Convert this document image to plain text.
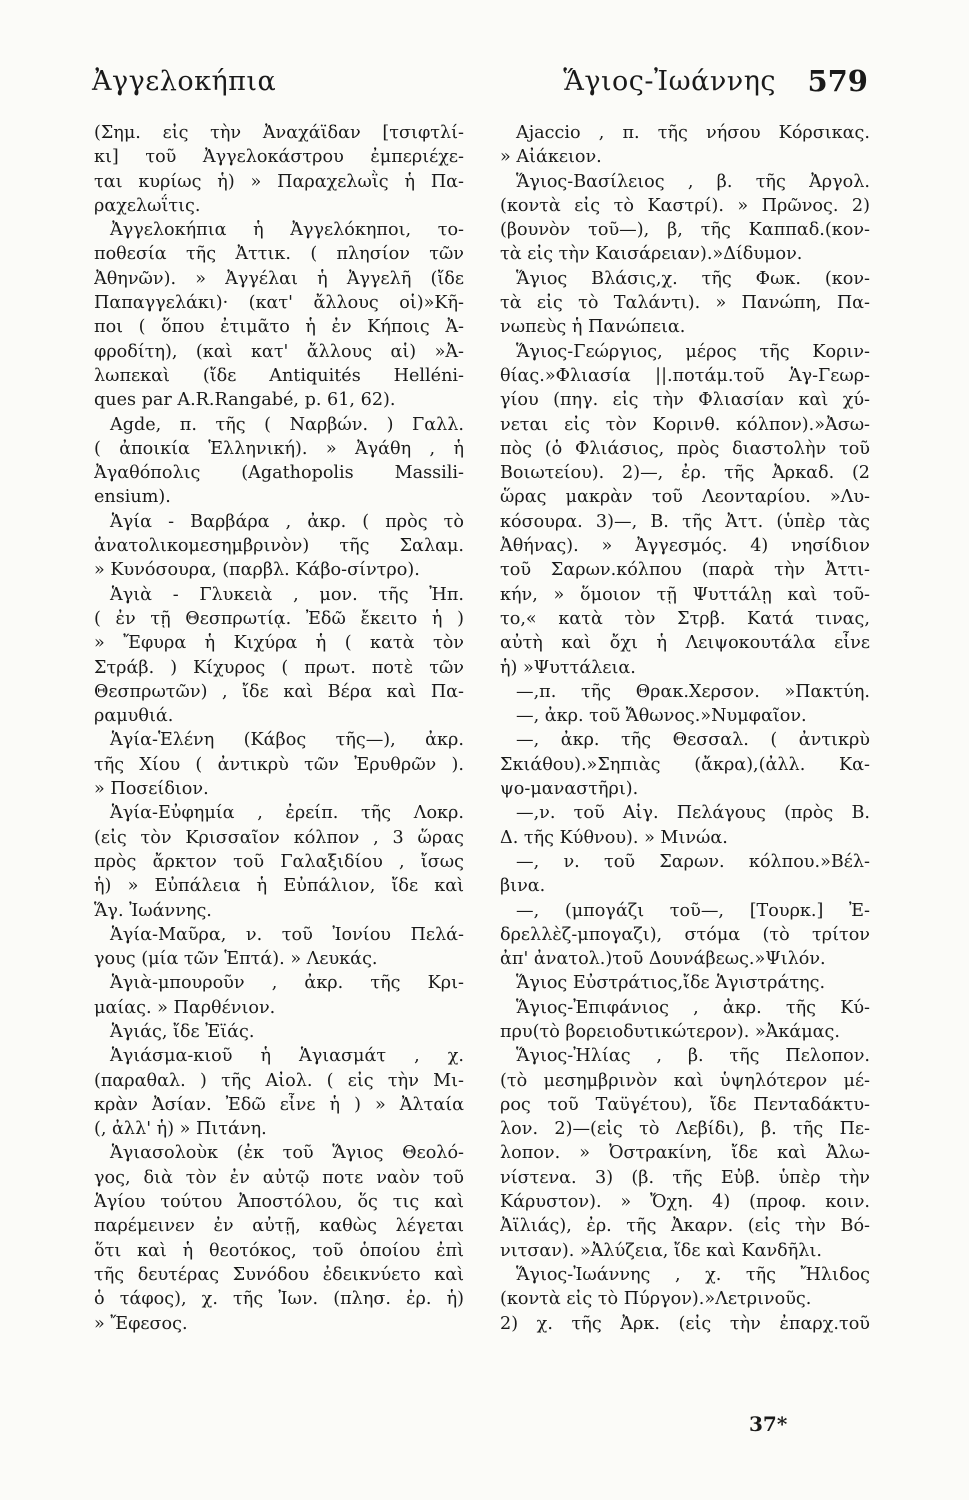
Ἀγγελοκήπια	Ἅγιος-Ἰωάννης 579
(Σημ. εἰς τὴν Ἀναχάϊδαν [τσιφτλί-
κι] τοῦ Ἀγγελοκάστρου ἐμπεριέχε-
ται κυρίως ἡ) » Παραχελωῒς ἡ Πα-
ραχελωΐτις.
Ἀγγελοκήπια ἡ Ἀγγελόκηποι, το-
ποθεσία τῆς Ἀττικ. ( πλησίον τῶν
Ἀθηνῶν). » Ἀγγέλαι ἡ Ἀγγελῆ (ἴδε
Παπαγγελάκι)· (κατ' ἄλλους οἱ)»Κῆ-
ποι ( ὅπου ἐτιμᾶτο ἡ ἐν Κήποις Ἀ-
φροδίτη), (καὶ κατ' ἄλλους αἱ) »Ἀ-
λωπεκαὶ (ἴδε Antiquités Helléni-
ques par A.R.Rangabé, p. 61, 62).
Agde, π. τῆς ( Ναρβών. ) Γαλλ.
( ἀποικία Ἑλληνική). » Ἀγάθη , ἡ
Ἀγαθόπολις (Agathopolis Massili-
ensium).
Ἁγία - Βαρβάρα , ἀκρ. ( πρὸς τὸ
ἀνατολικομεσημβρινὸν) τῆς Σαλαμ.
» Κυνόσουρα, (παρβλ. Κάβο-σίντρο).
Ἁγιὰ - Γλυκειὰ , μον. τῆς Ἠπ.
( ἐν τῇ Θεσπρωτίᾳ. Ἐδῶ ἔκειτο ἡ )
» Ἔφυρα ἡ Κιχύρα ἡ ( κατὰ τὸν
Στράβ. ) Κίχυρος ( πρωτ. ποτὲ τῶν
Θεσπρωτῶν) , ἴδε καὶ Βέρα καὶ Πα-
ραμυθιά.
Ἁγία-Ἑλένη (Κάβος τῆς—), ἀκρ.
τῆς Χίου ( ἀντικρὺ τῶν Ἐρυθρῶν ).
» Ποσείδιον.
Ἁγία-Εὐφημία , ἐρείπ. τῆς Λοκρ.
(εἰς τὸν Κρισσαῖον κόλπον , 3 ὥρας
πρὸς ἄρκτον τοῦ Γαλαξιδίου , ἴσως
ἡ) » Εὐπάλεια ἡ Εὐπάλιον, ἴδε καὶ
Ἅγ. Ἰωάννης.
Ἁγία-Μαῦρα, ν. τοῦ Ἰονίου Πελά-
γους (μία τῶν Ἑπτά). » Λευκάς.
Ἁγιὰ-μπουροῦν , ἀκρ. τῆς Κρι-
μαίας. » Παρθένιον.
Ἁγιάς, ἴδε Ἐϊάς.
Ἁγιάσμα-κιοῦ ἡ Ἁγιασμάτ , χ.
(παραθαλ. ) τῆς Αἰολ. ( εἰς τὴν Μι-
κρὰν Ἀσίαν. Ἐδῶ εἶνε ἡ ) » Ἀλταία
(, ἀλλ' ἡ) » Πιτάνη.
Ἁγιασολοὺκ (ἐκ τοῦ Ἅγιος Θεολό-
γος, διὰ τὸν ἐν αὐτῷ ποτε ναὸν τοῦ
Ἁγίου τούτου Ἀποστόλου, ὅς τις καὶ
παρέμεινεν ἐν αὐτῇ, καθὼς λέγεται
ὅτι καὶ ἡ θεοτόκος, τοῦ ὁποίου ἐπὶ
τῆς δευτέρας Συνόδου ἐδεικνύετο καὶ
ὁ τάφος), χ. τῆς Ἰων. (πλησ. ἐρ. ἡ)
» Ἔφεσος.
Ajaccio , π. τῆς νήσου Κόρσικας.
» Αἰάκειον.
Ἅγιος-Βασίλειος , β. τῆς Ἀργολ.
(κοντὰ εἰς τὸ Καστρί). » Πρῶνος. 2)
(βουνὸν τοῦ—), β, τῆς Καππαδ.(κον-
τὰ εἰς τὴν Καισάρειαν).»Δίδυμον.
Ἅγιος Βλάσις,χ. τῆς Φωκ. (κον-
τὰ εἰς τὸ Ταλάντι). » Πανώπη, Πα-
νωπεὺς ἡ Πανώπεια.
Ἅγιος-Γεώργιος, μέρος τῆς Κοριν-
θίας.»Φλιασία ||.ποτάμ.τοῦ Ἁγ-Γεωρ-
γίου (πηγ. εἰς τὴν Φλιασίαν καὶ χύ-
νεται εἰς τὸν Κορινθ. κόλπον).»Ἀσω-
πὸς (ὁ Φλιάσιος, πρὸς διαστολὴν τοῦ
Βοιωτείου). 2)—, ἐρ. τῆς Ἀρκαδ. (2
ὥρας μακρὰν τοῦ Λεονταρίου. »Λυ-
κόσουρα. 3)—, Β. τῆς Ἀττ. (ὑπὲρ τὰς
Ἀθήνας). » Ἀγγεσμός. 4) νησίδιον
τοῦ Σαρων.κόλπου (παρὰ τὴν Ἀττι-
κήν, » ὅμοιον τῇ Ψυττάλῃ καὶ τοῦ-
το,« κατὰ τὸν Στρβ. Κατά τινας,
αὐτὴ καὶ ὄχι ἡ Λειψοκουτάλα εἶνε
ἡ) »Ψυττάλεια.
—,π. τῆς Θρακ.Χερσον. »Πακτύη.
—, ἀκρ. τοῦ Ἄθωνος.»Νυμφαῖον.
—, ἀκρ. τῆς Θεσσαλ. ( ἀντικρὺ
Σκιάθου).»Σηπιὰς (ἄκρα),(ἀλλ. Κα-
ψο-μαναστῆρι).
—,ν. τοῦ Αἰγ. Πελάγους (πρὸς Β.
Δ. τῆς Κύθνου). » Μινώα.
—, ν. τοῦ Σαρων. κόλπου.»Βέλ-
βινα.
—, (μπογάζι τοῦ—, [Τουρκ.] Ἐ-
δρελλὲζ-μπογαζι), στόμα (τὸ τρίτον
ἀπ' ἀνατολ.)τοῦ Δουνάβεως.»Ψιλόν.
Ἅγιος Εὐστράτιος,ἴδε Ἁγιστράτης.
Ἅγιος-Ἐπιφάνιος , ἀκρ. τῆς Κύ-
πρυ(τὸ βορειοδυτικώτερον). »Ἀκάμας.
Ἅγιος-Ἠλίας , β. τῆς Πελοπον.
(τὸ μεσημβρινὸν καὶ ὑψηλότερον μέ-
ρος τοῦ Ταϋγέτου), ἴδε Πενταδάκτυ-
λον. 2)—(εἰς τὸ Λεβίδι), β. τῆς Πε-
λοπον. » Ὀστρακίνη, ἴδε καὶ Ἀλω-
νίστενα. 3) (β. τῆς Εὐβ. ὑπὲρ τὴν
Κάρυστον). » Ὄχη. 4) (προφ. κοιν.
Ἀϊλιάς), ἐρ. τῆς Ἀκαρν. (εἰς τὴν Βό-
νιτσαν). »Ἀλύζεια, ἴδε καὶ Κανδῆλι.
Ἅγιος-Ἰωάννης , χ. τῆς Ἤλιδος
(κοντὰ εἰς τὸ Πύργον).»Λετρινοῦς.
2) χ. τῆς Ἀρκ. (εἰς τὴν ἐπαρχ.τοῦ
37*
